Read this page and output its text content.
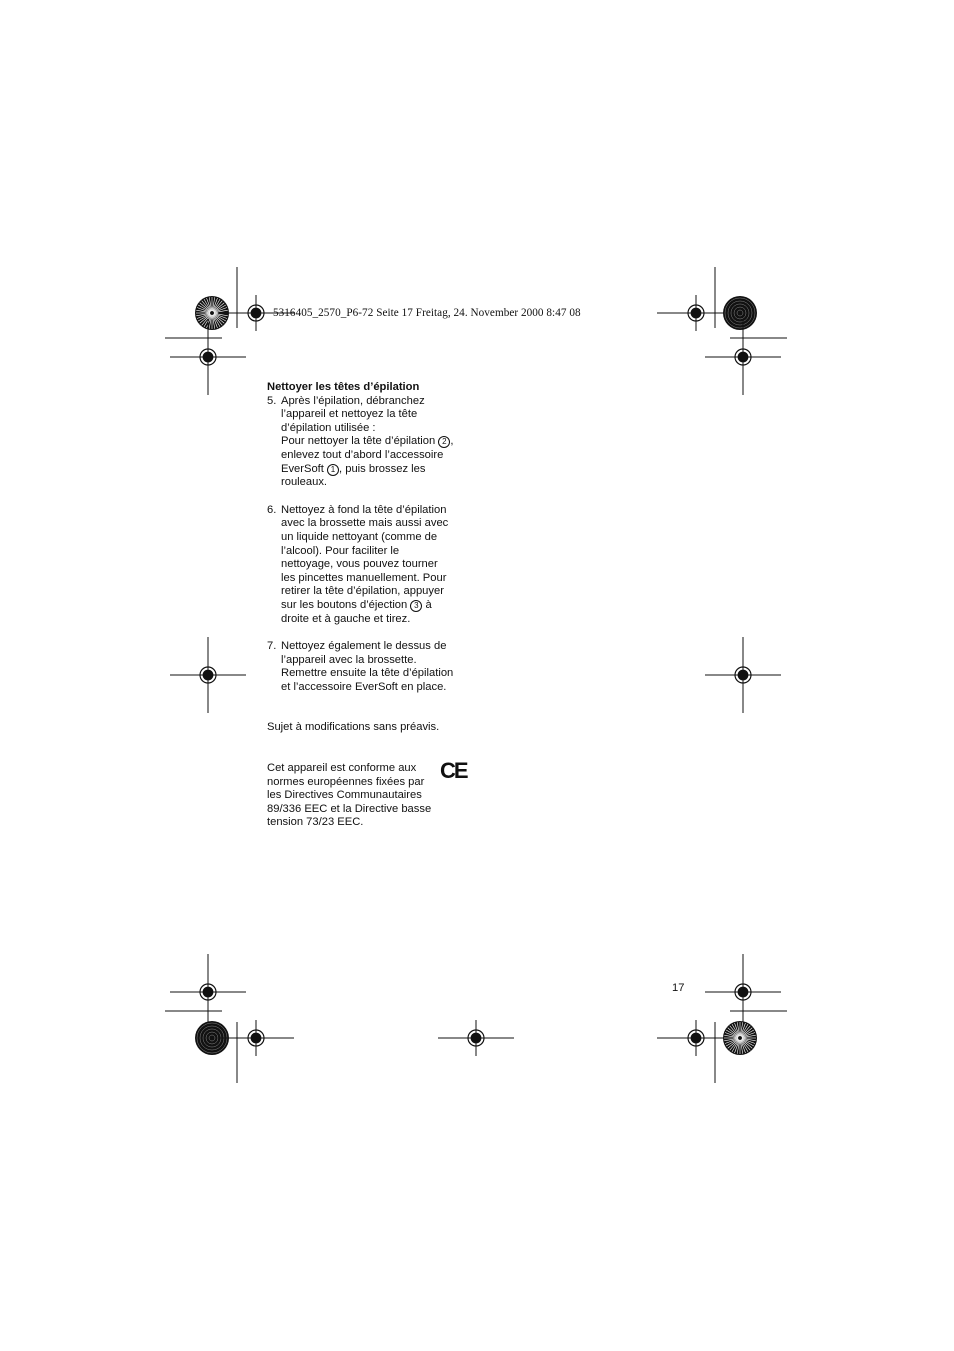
5316405_2570_P6-72 Seite 17 Freitag, 24. November 2000 8:47 08
Nettoyer les têtes d’épilation
5. Après l’épilation, débranchez
l’appareil et nettoyez la tête
d’épilation utilisée :
Pour nettoyer la tête d’épilation 2 ,
enlevez tout d’abord l’accessoire
EverSoft 1 , puis brossez les
rouleaux.
6. Nettoyez à fond la tête d’épilation
avec la brossette mais aussi avec
un liquide nettoyant (comme de
l’alcool). Pour faciliter le
nettoyage, vous pouvez tourner
les pincettes manuellement. Pour
retirer la tête d’épilation, appuyer
sur les boutons d’éjection 3 à
droite et à gauche et tirez.
7. Nettoyez également le dessus de
l’appareil avec la brossette.
Remettre ensuite la tête d’épilation
et l’accessoire EverSoft en place.
Sujet à modifications sans préavis.
Cet appareil est conforme aux
normes européennes fixées par
les Directives Communautaires
89/336 EEC et la Directive basse
tension 73/23 EEC.
CE
17
